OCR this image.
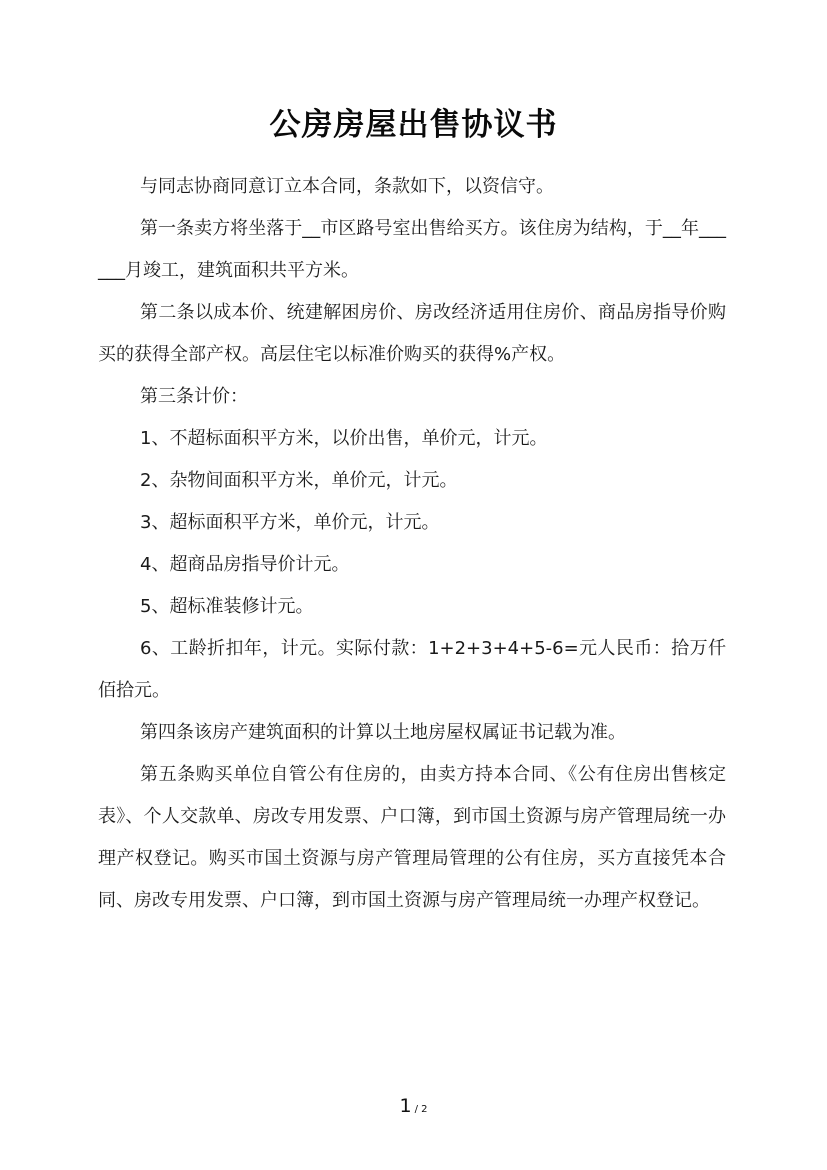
公房房屋出售协议书

与同志协商同意订立本合同，条款如下，以资信守。

第一条卖方将坐落于__市区路号室出售给买方。该住房为结构，于__年______月竣工，建筑面积共平方米。

第二条以成本价、统建解困房价、房改经济适用住房价、商品房指导价购买的获得全部产权。高层住宅以标准价购买的获得%产权。

第三条计价：

1、不超标面积平方米，以价出售，单价元，计元。

2、杂物间面积平方米，单价元，计元。

3、超标面积平方米，单价元，计元。

4、超商品房指导价计元。

5、超标准装修计元。

6、工龄折扣年，计元。实际付款：1+2+3+4+5-6=元人民币：拾万仟佰拾元。

第四条该房产建筑面积的计算以土地房屋权属证书记载为准。

第五条购买单位自管公有住房的，由卖方持本合同、《公有住房出售核定表》、个人交款单、房改专用发票、户口簿，到市国土资源与房产管理局统一办理产权登记。购买市国土资源与房产管理局管理的公有住房，买方直接凭本合同、房改专用发票、户口簿，到市国土资源与房产管理局统一办理产权登记。

1 / 2
